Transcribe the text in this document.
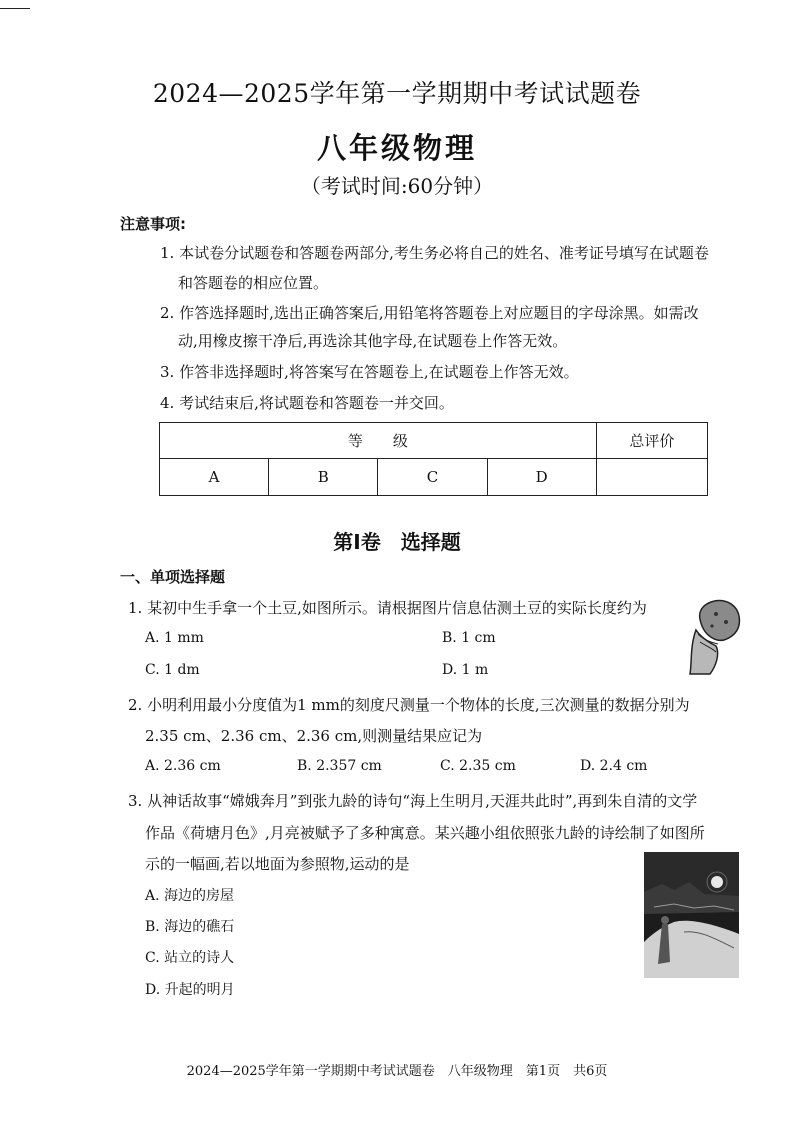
2024—2025学年第一学期期中考试试题卷
八年级物理
（考试时间:60分钟）
注意事项:
1. 本试卷分试题卷和答题卷两部分,考生务必将自己的姓名、准考证号填写在试题卷
和答题卷的相应位置。
2. 作答选择题时,选出正确答案后,用铅笔将答题卷上对应题目的字母涂黑。如需改
动,用橡皮擦干净后,再选涂其他字母,在试题卷上作答无效。
3. 作答非选择题时,将答案写在答题卷上,在试题卷上作答无效。
4. 考试结束后,将试题卷和答题卷一并交回。
等　　级				总评价
A	B	C	D	
第Ⅰ卷　选择题
一、单项选择题
1. 某初中生手拿一个土豆,如图所示。请根据图片信息估测土豆的实际长度约为
A. 1 mm	B. 1 cm
C. 1 dm	D. 1 m
2. 小明利用最小分度值为1 mm的刻度尺测量一个物体的长度,三次测量的数据分别为
2.35 cm、2.36 cm、2.36 cm,则测量结果应记为
A. 2.36 cm	B. 2.357 cm	C. 2.35 cm	D. 2.4 cm
3. 从神话故事“嫦娥奔月”到张九龄的诗句“海上生明月,天涯共此时”,再到朱自清的文学
作品《荷塘月色》,月亮被赋予了多种寓意。某兴趣小组依照张九龄的诗绘制了如图所
示的一幅画,若以地面为参照物,运动的是
A. 海边的房屋
B. 海边的礁石
C. 站立的诗人
D. 升起的明月
2024—2025学年第一学期期中考试试题卷　八年级物理　第1页　共6页
